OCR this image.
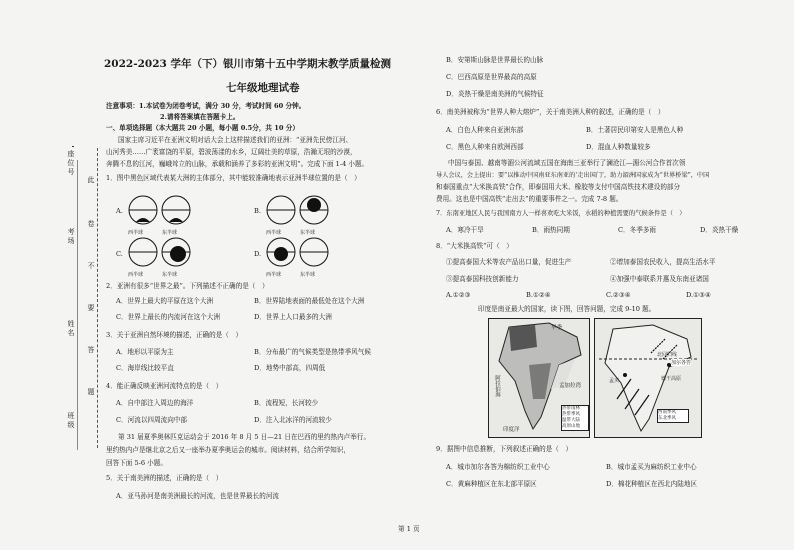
座位号
考场
姓名
班级
此
卷
不
要
答
题
2022-2023 学年（下）银川市第十五中学期末教学质量检测
七年级地理试卷
注意事项：1.本试卷为闭卷考试，满分 30 分，考试时间 60 分钟。
2.请将答案填在答题卡上。
一、单项选择题（本大题共 20 小题，每小题 0.5分，共 10 分）
国家主席习近平在亚洲文明对话大会上这样描述我们的亚洲：“亚洲先民傍江河、
山河秀美……广袤富饶的平原，碧波荡漾的水乡，辽阔壮美的草原，浩瀚无垠的沙漠，
奔腾不息的江河，巍峨耸立的山脉，承载和涵养了多彩的亚洲文明”。完成下面 1-4 小题。
1．图中黑色区域代表某大洲的主体部分，其中能较准确地表示亚洲半球位置的是（　）
A.
西半球	东半球
B.
西半球	东半球
C.
西半球	东半球
D.
西半球	东半球
2．亚洲有很多“世界之最”。下列描述不正确的是（　）
A．世界上最大的平原在这个大洲	B．世界陆地表面的最低处在这个大洲
C．世界上最长的内流河在这个大洲	D．世界上人口最多的大洲
3．关于亚洲自然环境的描述，正确的是（　）
A．地形以平原为主	B．分布最广的气候类型是热带季风气候
C．海岸线比较平直	D．地势中部高，四周低
4．能正确反映亚洲河流特点的是（　）
A．自中部注入周边的海洋	B．流程短，长河较少
C．河流以四周流向中部	D．注入北冰洋的河流较少
第 31 届夏季奥林匹克运动会于 2016 年 8 月 5 日—21 日在巴西的里约热内卢举行。
里约热内卢是继北京之后又一座举办夏季奥运会的城市。阅读材料，结合所学知识，
回答下面 5-6 小题。
5．关于南美洲的描述，正确的是（　）
A．亚马孙河是南美洲最长的河流，也是世界最长的河流
B．安第斯山脉是世界最长的山脉
C．巴西高原是世界最高的高原
D．炎热干燥是南美洲的气候特征
6．南美洲被称为“世界人种大熔炉”，关于南美洲人种的叙述，正确的是（　）
A．白色人种来自亚洲东部	B．土著居民印第安人是黑色人种
C．黑色人种来自欧洲西部	D．混血人种数量较多
中国与泰国、越南等湄公河流域五国在海南三亚举行了澜沧江—湄公河合作首次领
导人会议，会上提出：要“以推动中国南亚东南亚的‘走出国门’，助力湄洲国家成为“世界桥梁”，中国
和泰国重点“大米换高铁”合作，即泰国用大米、橡胶等支付中国高铁技术建设的部分
费用。这也是中国高铁“走出去”的重要事件之一。完成 7-8 题。
7．东南亚地区人民与我国南方人一样喜欢吃大米饭，水稻的种植需要的气候条件是（　）
A．寒冷干旱	B．雨热同期	C．冬季多雨	D．炎热干燥
8．“大米换高铁”可（　）
①提高泰国大米等农产品出口量，促进生产	②增加泰国农民收入，提高生活水平
③提高泰国科技创新能力	④加强中泰联系并惠及东南亚诸国
A.①②③	B.①②④	C.②③④	D.①③④
印度是南亚最大的国家，读下图，回答问题，完成 9-10 题。
旱季
孟加拉湾
阿拉伯海
印度洋
热带雨林
热带季风
温带大陆
高原山地
加尔各答
北回归线
孟买	德干高原
西南季风
东北季风
9．据图中信息推断，下列叙述正确的是（　）
A．城市加尔各答为棉纺织工业中心	B．城市孟买为麻纺织工业中心
C．黄麻种植区在东北部平原区	D．棉花种植区在西北内陆地区
第 1 页
